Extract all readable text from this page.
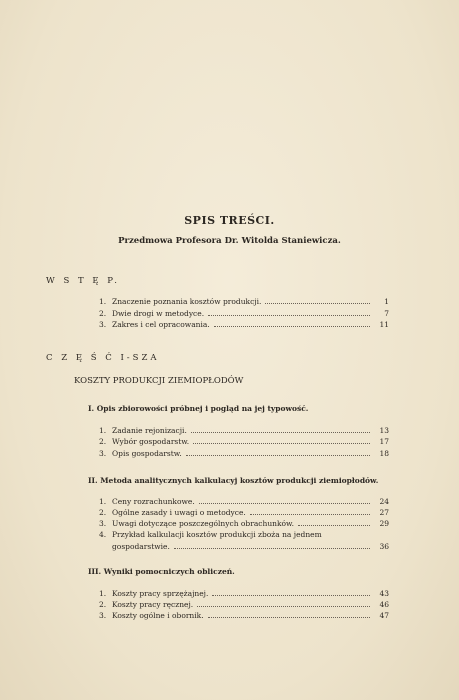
SPIS TREŚCI.
Przedmowa Profesora Dr. Witolda Staniewicza.
W S T Ę P.
1. Znaczenie poznania kosztów produkcji.	1
2. Dwie drogi w metodyce.	7
3. Zakres i cel opracowania.	11
C Z Ę Ś Ć I-SZA
KOSZTY PRODUKCJI ZIEMIOPŁODÓW
I. Opis zbiorowości próbnej i pogląd na jej typowość.
1. Zadanie rejonizacji.	13
2. Wybór gospodarstw.	17
3. Opis gospodarstw.	18
II. Metoda analitycznych kalkulacyj kosztów produkcji ziemiopłodów.
1. Ceny rozrachunkowe.	24
2. Ogólne zasady i uwagi o metodyce.	27
3. Uwagi dotyczące poszczególnych obrachunków.	29
4. Przykład kalkulacji kosztów produkcji zboża na jednem
gospodarstwie.	36
III. Wyniki pomocniczych obliczeń.
1. Koszty pracy sprzężajnej.	43
2. Koszty pracy ręcznej.	46
3. Koszty ogólne i obornik.	47
